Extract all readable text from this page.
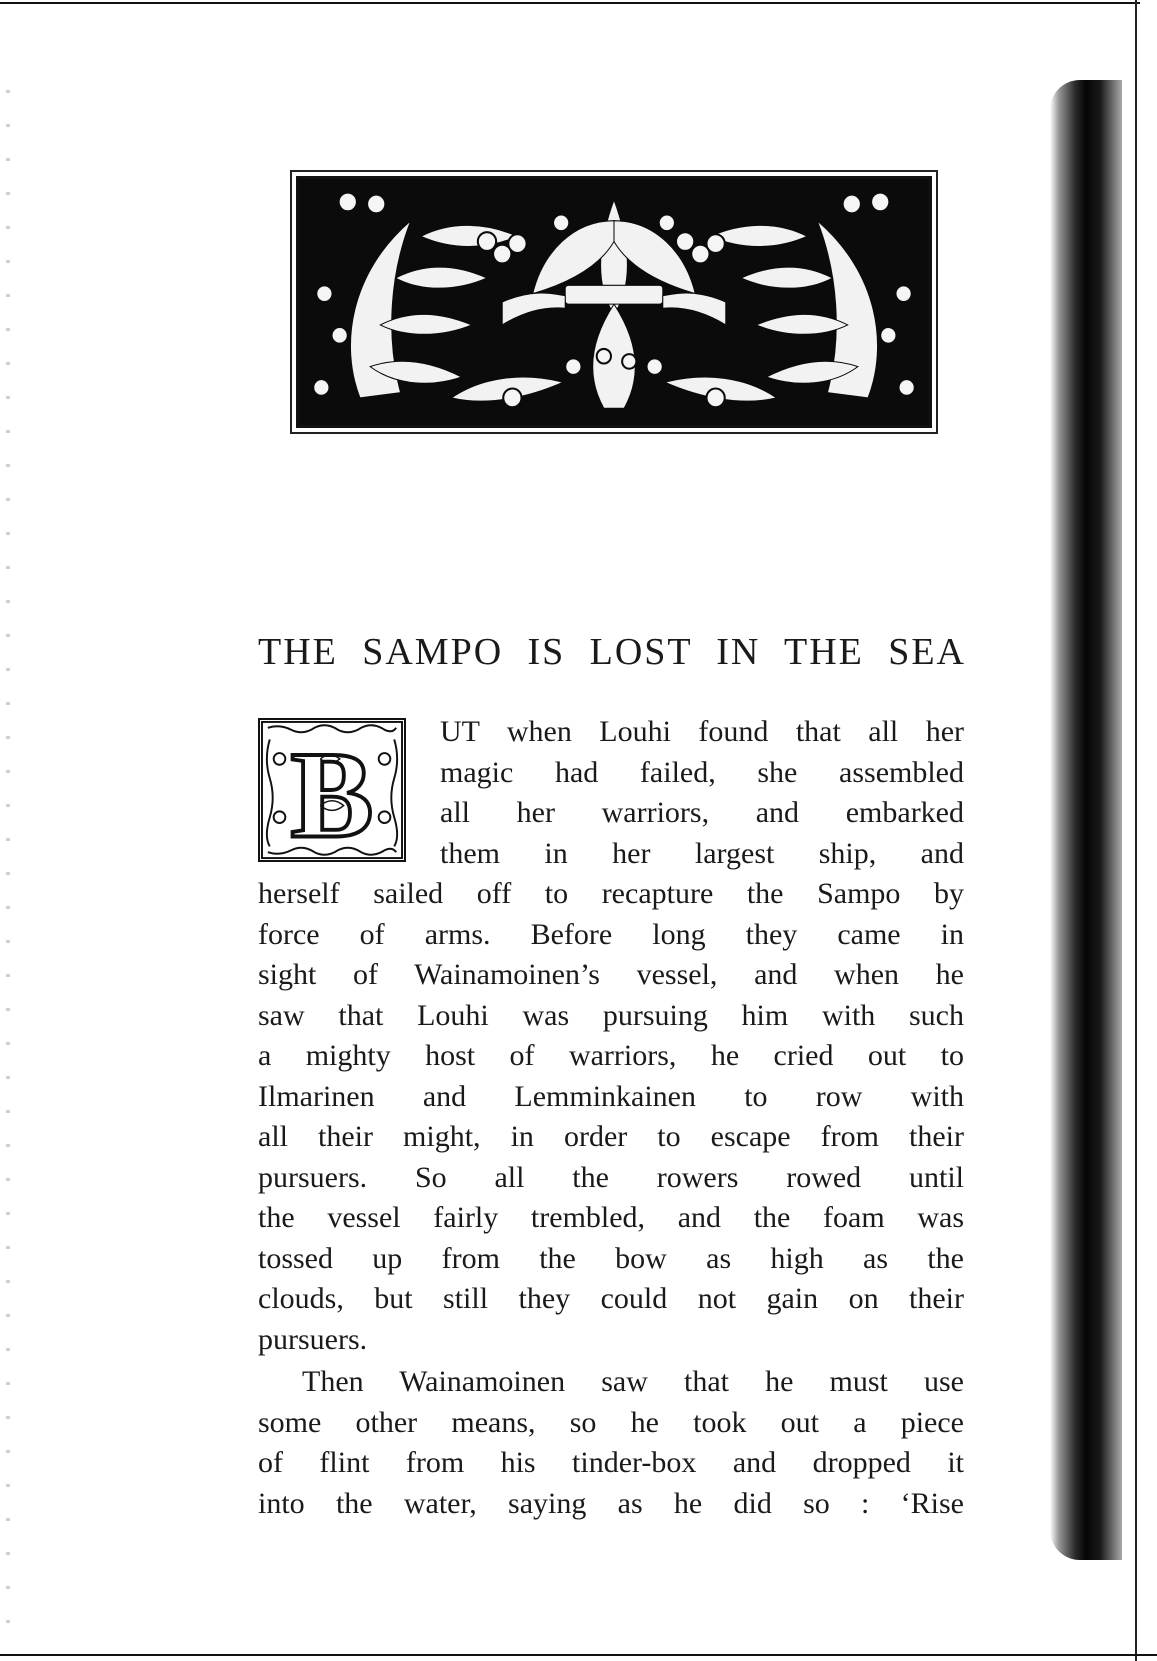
THE SAMPO IS LOST IN THE SEA
B	UT when Louhi found that all her
magic had failed, she assembled
all her warriors, and embarked
them in her largest ship, and
herself sailed off to recapture the Sampo by
force of arms. Before long they came in
sight of Wainamoinen’s vessel, and when he
saw that Louhi was pursuing him with such
a mighty host of warriors, he cried out to
Ilmarinen and Lemminkainen to row with
all their might, in order to escape from their
pursuers. So all the rowers rowed until
the vessel fairly trembled, and the foam was
tossed up from the bow as high as the
clouds, but still they could not gain on their
pursuers.
Then Wainamoinen saw that he must use
some other means, so he took out a piece
of flint from his tinder-box and dropped it
into the water, saying as he did so : ‘Rise
